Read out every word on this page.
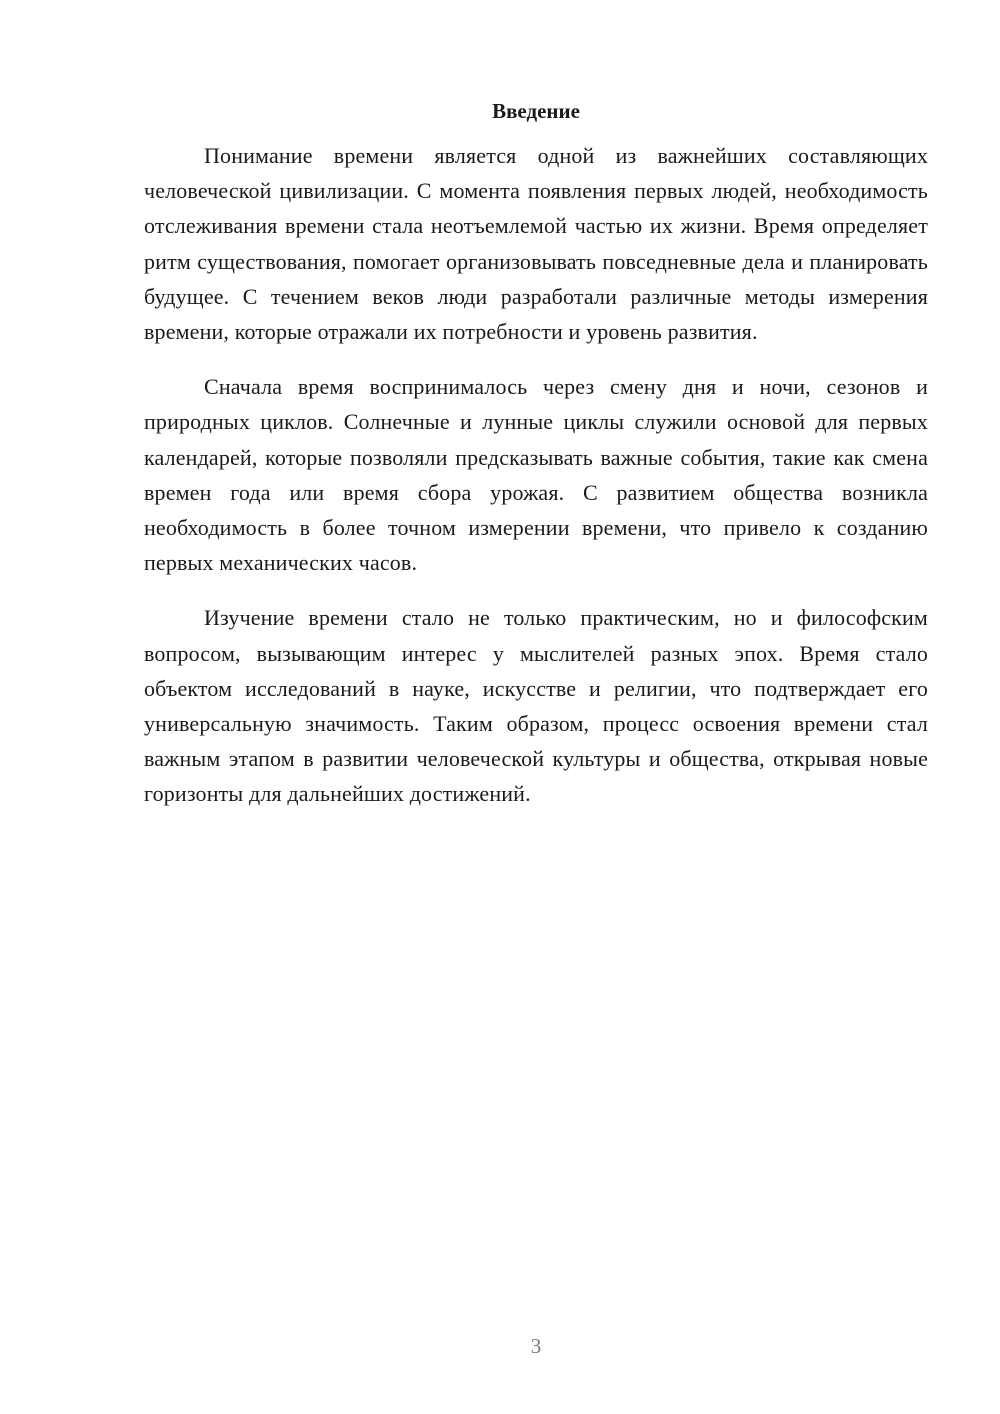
Введение

Понимание времени является одной из важнейших составляющих человеческой цивилизации. С момента появления первых людей, необходимость отслеживания времени стала неотъемлемой частью их жизни. Время определяет ритм существования, помогает организовывать повседневные дела и планировать будущее. С течением веков люди разработали различные методы измерения времени, которые отражали их потребности и уровень развития.

Сначала время воспринималось через смену дня и ночи, сезонов и природных циклов. Солнечные и лунные циклы служили основой для первых календарей, которые позволяли предсказывать важные события, такие как смена времен года или время сбора урожая. С развитием общества возникла необходимость в более точном измерении времени, что привело к созданию первых механических часов.

Изучение времени стало не только практическим, но и философским вопросом, вызывающим интерес у мыслителей разных эпох. Время стало объектом исследований в науке, искусстве и религии, что подтверждает его универсальную значимость. Таким образом, процесс освоения времени стал важным этапом в развитии человеческой культуры и общества, открывая новые горизонты для дальнейших достижений.

3
